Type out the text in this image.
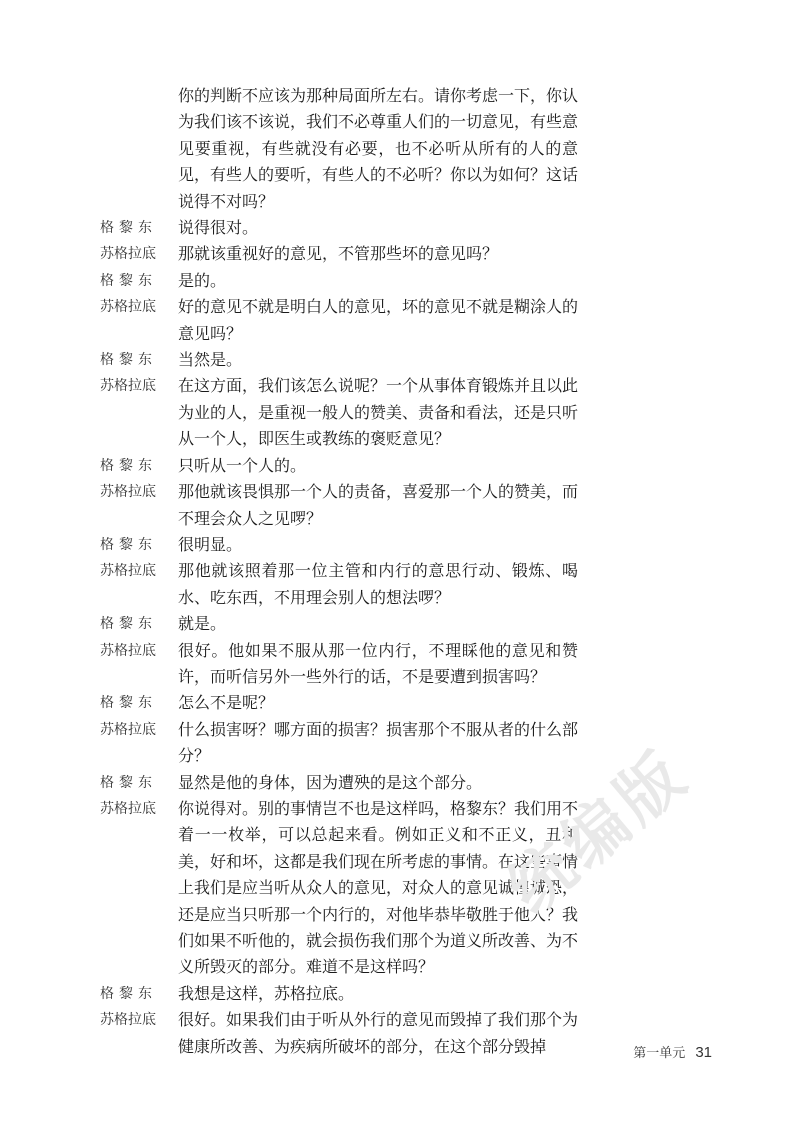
你的判断不应该为那种局面所左右。请你考虑一下，你认为我们该不该说，我们不必尊重人们的一切意见，有些意见要重视，有些就没有必要，也不必听从所有的人的意见，有些人的要听，有些人的不必听？你以为如何？这话说得不对吗？
格黎东	说得很对。
苏格拉底	那就该重视好的意见，不管那些坏的意见吗？
格黎东	是的。
苏格拉底	好的意见不就是明白人的意见，坏的意见不就是糊涂人的意见吗？
格黎东	当然是。
苏格拉底	在这方面，我们该怎么说呢？一个从事体育锻炼并且以此为业的人，是重视一般人的赞美、责备和看法，还是只听从一个人，即医生或教练的褒贬意见？
格黎东	只听从一个人的。
苏格拉底	那他就该畏惧那一个人的责备，喜爱那一个人的赞美，而不理会众人之见啰？
格黎东	很明显。
苏格拉底	那他就该照着那一位主管和内行的意思行动、锻炼、喝水、吃东西，不用理会别人的想法啰？
格黎东	就是。
苏格拉底	很好。他如果不服从那一位内行，不理睬他的意见和赞许，而听信另外一些外行的话，不是要遭到损害吗？
格黎东	怎么不是呢？
苏格拉底	什么损害呀？哪方面的损害？损害那个不服从者的什么部分？
格黎东	显然是他的身体，因为遭殃的是这个部分。
苏格拉底	你说得对。别的事情岂不也是这样吗，格黎东？我们用不着一一枚举，可以总起来看。例如正义和不正义，丑和美，好和坏，这都是我们现在所考虑的事情。在这些事情上我们是应当听从众人的意见，对众人的意见诚惶诚恐，还是应当只听那一个内行的，对他毕恭毕敬胜于他人？我们如果不听他的，就会损伤我们那个为道义所改善、为不义所毁灭的部分。难道不是这样吗？
格黎东	我想是这样，苏格拉底。
苏格拉底	很好。如果我们由于听从外行的意见而毁掉了我们那个为健康所改善、为疾病所破坏的部分，在这个部分毁掉
统编版
第一单元 31
